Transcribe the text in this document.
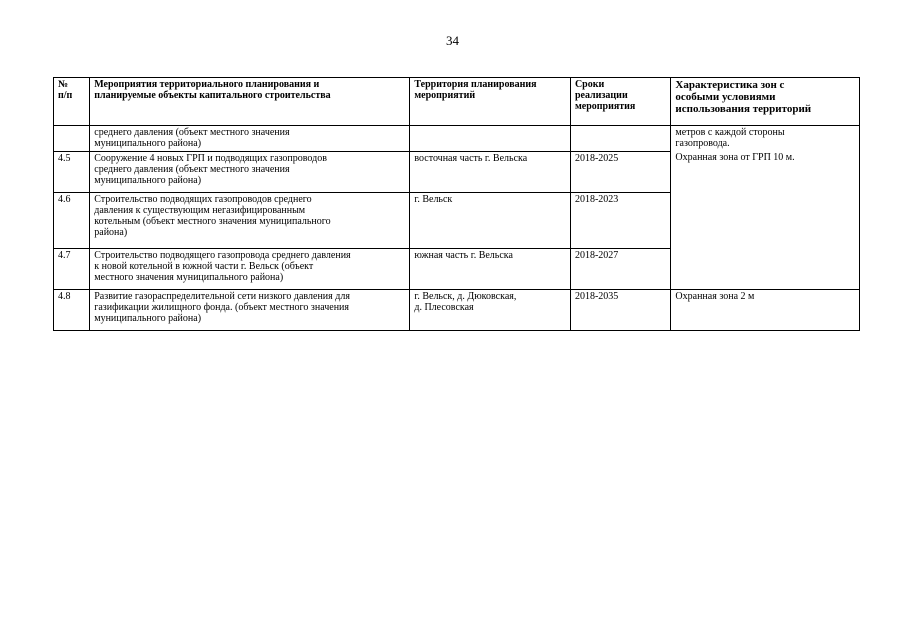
34
№
п/п	Мероприятия территориального планирования и
планируемые объекты капитального строительства	Территория планирования
мероприятий	Сроки
реализации
мероприятия	Характеристика зон с
особыми условиями
использования территорий

	среднего давления (объект местного значения
муниципального района)			метров с каждой стороны
газопровода.
Охранная зона от ГРП 10 м.

4.5	Сооружение 4 новых ГРП и подводящих газопроводов
среднего давления (объект местного значения
муниципального района)	восточная часть г. Вельска	2018-2025	
4.6	Строительство подводящих газопроводов среднего
давления к существующим негазифицированным
котельным (объект местного значения муниципального
района)	г. Вельск	2018-2023	
4.7	Строительство подводящего газопровода среднего давления
к новой котельной в южной части г. Вельск (объект
местного значения муниципального района)	южная часть г. Вельска	2018-2027	
4.8	Развитие газораспределительной сети низкого давления для
газификации жилищного фонда. (объект местного значения
муниципального района)	г. Вельск, д. Дюковская,
д. Плесовская	2018-2035	Охранная зона 2 м
